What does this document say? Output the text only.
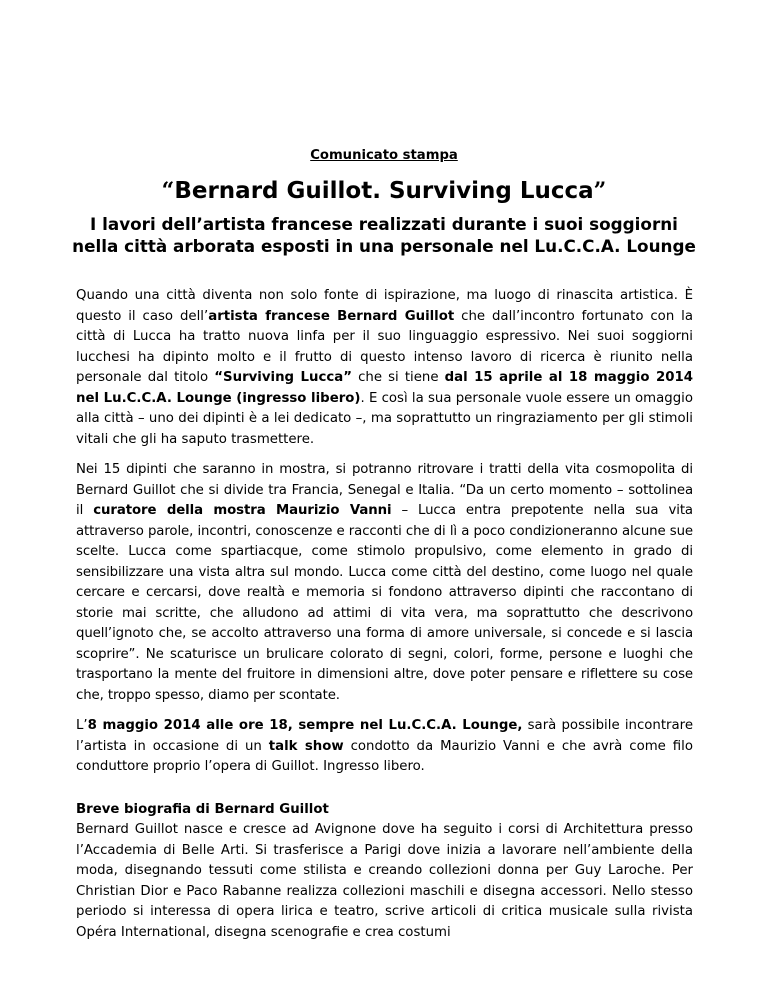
Comunicato stampa
“Bernard Guillot. Surviving Lucca”
I lavori dell’artista francese realizzati durante i suoi soggiorni
nella città arborata esposti in una personale nel Lu.C.C.A. Lounge

Quando una città diventa non solo fonte di ispirazione, ma luogo di rinascita artistica. È questo il caso dell’artista francese Bernard Guillot che dall’incontro fortunato con la città di Lucca ha tratto nuova linfa per il suo linguaggio espressivo. Nei suoi soggiorni lucchesi ha dipinto molto e il frutto di questo intenso lavoro di ricerca è riunito nella personale dal titolo “Surviving Lucca” che si tiene dal 15 aprile al 18 maggio 2014 nel Lu.C.C.A. Lounge (ingresso libero). E così la sua personale vuole essere un omaggio alla città – uno dei dipinti è a lei dedicato –, ma soprattutto un ringraziamento per gli stimoli vitali che gli ha saputo trasmettere.

Nei 15 dipinti che saranno in mostra, si potranno ritrovare i tratti della vita cosmopolita di Bernard Guillot che si divide tra Francia, Senegal e Italia. “Da un certo momento – sottolinea il curatore della mostra Maurizio Vanni – Lucca entra prepotente nella sua vita attraverso parole, incontri, conoscenze e racconti che di lì a poco condizioneranno alcune sue scelte. Lucca come spartiacque, come stimolo propulsivo, come elemento in grado di sensibilizzare una vista altra sul mondo. Lucca come città del destino, come luogo nel quale cercare e cercarsi, dove realtà e memoria si fondono attraverso dipinti che raccontano di storie mai scritte, che alludono ad attimi di vita vera, ma soprattutto che descrivono quell’ignoto che, se accolto attraverso una forma di amore universale, si concede e si lascia scoprire”. Ne scaturisce un brulicare colorato di segni, colori, forme, persone e luoghi che trasportano la mente del fruitore in dimensioni altre, dove poter pensare e riflettere su cose che, troppo spesso, diamo per scontate.

L’8 maggio 2014 alle ore 18, sempre nel Lu.C.C.A. Lounge, sarà possibile incontrare l’artista in occasione di un talk show condotto da Maurizio Vanni e che avrà come filo conduttore proprio l’opera di Guillot. Ingresso libero.

Breve biografia di Bernard Guillot

Bernard Guillot nasce e cresce ad Avignone dove ha seguito i corsi di Architettura presso l’Accademia di Belle Arti. Si trasferisce a Parigi dove inizia a lavorare nell’ambiente della moda, disegnando tessuti come stilista e creando collezioni donna per Guy Laroche. Per Christian Dior e Paco Rabanne realizza collezioni maschili e disegna accessori. Nello stesso periodo si interessa di opera lirica e teatro, scrive articoli di critica musicale sulla rivista Opéra International, disegna scenografie e crea costumi
